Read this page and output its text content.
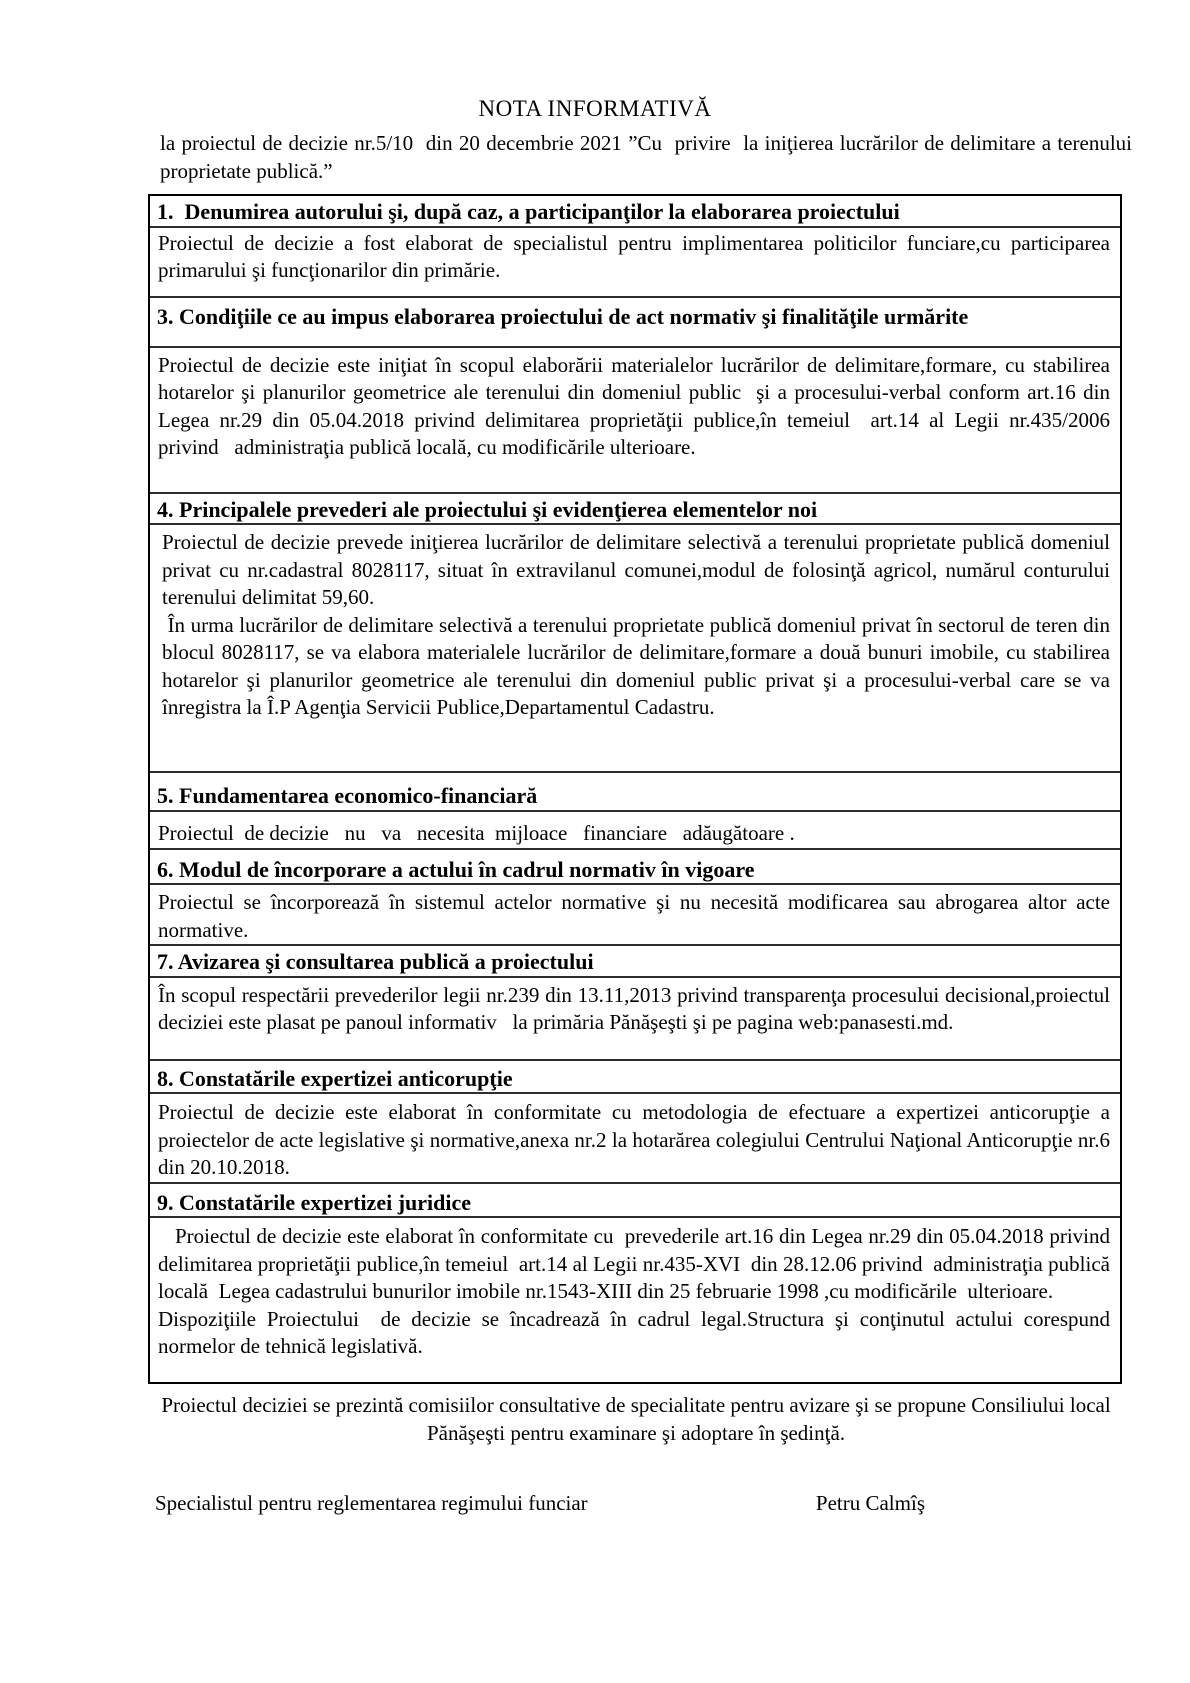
NOTA INFORMATIVĂ
la proiectul de decizie nr.5/10  din 20 decembrie 2021 ”Cu  privire  la iniţierea lucrărilor de delimitare a terenului proprietate publică.”
1.  Denumirea autorului şi, după caz, a participanţilor la elaborarea proiectului

Proiectul de decizie a fost elaborat de specialistul pentru implimentarea politicilor funciare,cu participarea primarului şi funcţionarilor din primărie.

3. Condiţiile ce au impus elaborarea proiectului de act normativ şi finalităţile urmărite

Proiectul de decizie este iniţiat în scopul elaborării materialelor lucrărilor de delimitare,formare, cu stabilirea hotarelor şi planurilor geometrice ale terenului din domeniul public  şi a procesului-verbal conform art.16 din Legea nr.29 din 05.04.2018 privind delimitarea proprietăţii publice,în temeiul  art.14 al Legii nr.435/2006 privind   administraţia publică locală, cu modificările ulterioare.

4. Principalele prevederi ale proiectului şi evidenţierea elementelor noi

Proiectul de decizie prevede iniţierea lucrărilor de delimitare selectivă a terenului proprietate publică domeniul privat cu nr.cadastral 8028117, situat în extravilanul comunei,modul de folosinţă agricol, numărul conturului terenului delimitat 59,60.

În urma lucrărilor de delimitare selectivă a terenului proprietate publică domeniul privat în sectorul de teren din blocul 8028117, se va elabora materialele lucrărilor de delimitare,formare a două bunuri imobile, cu stabilirea hotarelor şi planurilor geometrice ale terenului din domeniul public privat şi a procesului-verbal care se va înregistra la Î.P Agenţia Servicii Publice,Departamentul Cadastru.

5. Fundamentarea economico-financiară

Proiectul  de decizie   nu   va   necesita  mijloace   financiare   adăugătoare .

6. Modul de încorporare a actului în cadrul normativ în vigoare

Proiectul se încorporează în sistemul actelor normative şi nu necesită modificarea sau abrogarea altor acte normative.

7. Avizarea şi consultarea publică a proiectului

În scopul respectării prevederilor legii nr.239 din 13.11,2013 privind transparenţa procesului decisional,proiectul deciziei este plasat pe panoul informativ   la primăria Pănăşeşti şi pe pagina web:panasesti.md.

8. Constatările expertizei anticorupţie

Proiectul de decizie este elaborat în conformitate cu metodologia de efectuare a expertizei anticorupţie a proiectelor de acte legislative şi normative,anexa nr.2 la hotarărea colegiului Centrului Naţional Anticorupţie nr.6 din 20.10.2018.

9. Constatările expertizei juridice

Proiectul de decizie este elaborat în conformitate cu  prevederile art.16 din Legea nr.29 din 05.04.2018 privind delimitarea proprietăţii publice,în temeiul  art.14 al Legii nr.435-XVI  din 28.12.06 privind  administraţia publică locală  Legea cadastrului bunurilor imobile nr.1543-XIII din 25 februarie 1998 ,cu modificările  ulterioare.

Dispoziţiile Proiectului  de decizie se încadrează în cadrul legal.Structura şi conţinutul actului corespund normelor de tehnică legislativă.

Proiectul deciziei se prezintă comisiilor consultative de specialitate pentru avizare şi se propune Consiliului local Pănăşeşti pentru examinare şi adoptare în şedinţă.
Specialistul pentru reglementarea regimului funciar	Petru Calmîş
